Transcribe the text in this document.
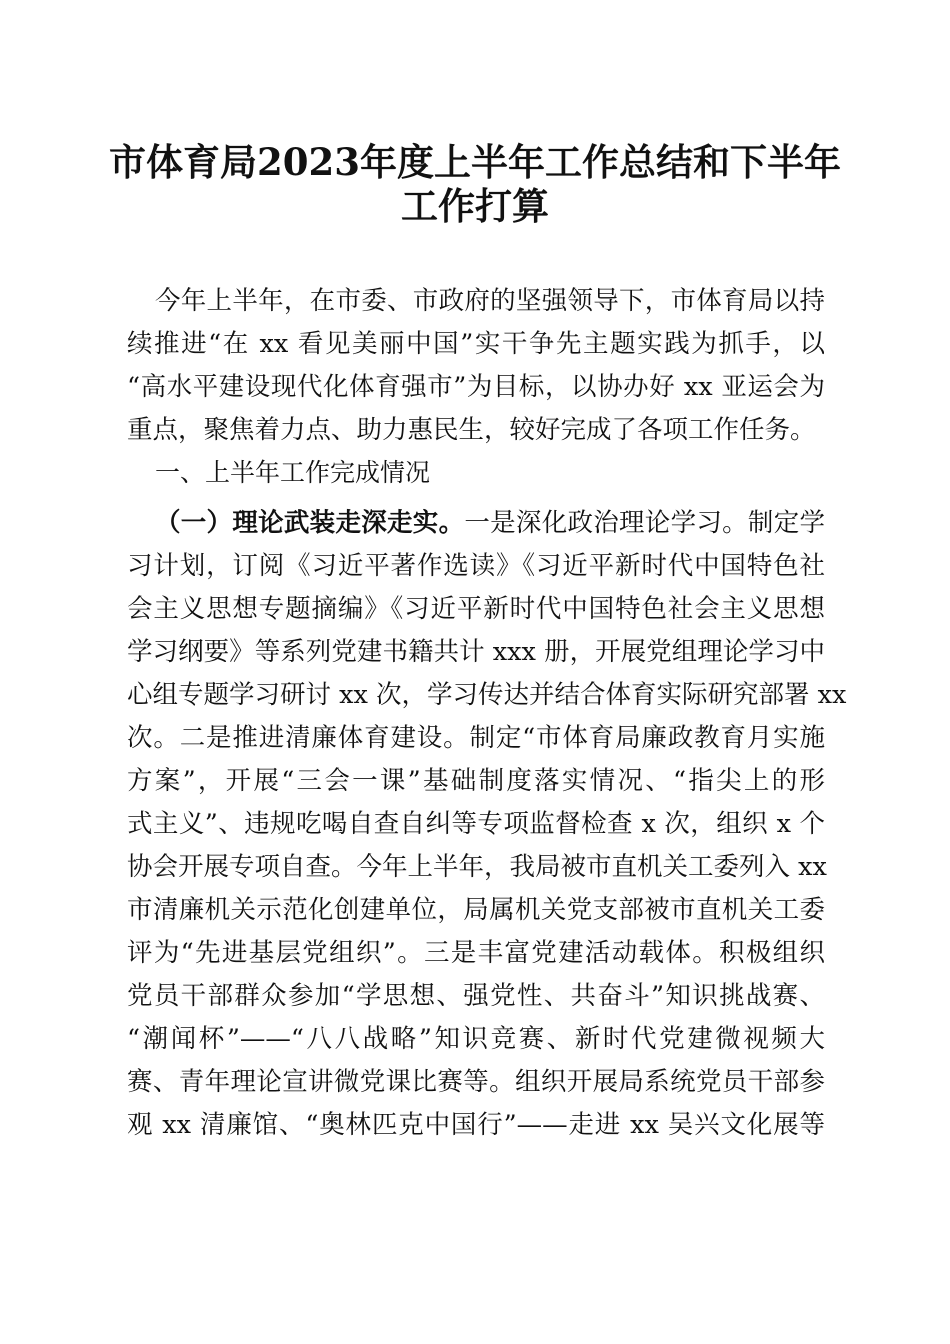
市体育局2023年度上半年工作总结和下半年
工作打算
今年上半年，在市委、市政府的坚强领导下，市体育局以持
续推进“在 xx 看见美丽中国”实干争先主题实践为抓手，以
“高水平建设现代化体育强市”为目标，以协办好 xx 亚运会为
重点，聚焦着力点、助力惠民生，较好完成了各项工作任务。
一、上半年工作完成情况
（一）理论武装走深走实。一是深化政治理论学习。制定学
习计划，订阅《习近平著作选读》《习近平新时代中国特色社
会主义思想专题摘编》《习近平新时代中国特色社会主义思想
学习纲要》等系列党建书籍共计 xxx 册，开展党组理论学习中
心组专题学习研讨 xx 次，学习传达并结合体育实际研究部署 xx
次。二是推进清廉体育建设。制定“市体育局廉政教育月实施
方案”，开展“三会一课”基础制度落实情况、“指尖上的形
式主义”、违规吃喝自查自纠等专项监督检查 x 次，组织 x 个
协会开展专项自查。今年上半年，我局被市直机关工委列入 xx
市清廉机关示范化创建单位，局属机关党支部被市直机关工委
评为“先进基层党组织”。三是丰富党建活动载体。积极组织
党员干部群众参加“学思想、强党性、共奋斗”知识挑战赛、
“潮闻杯”——“八八战略”知识竞赛、新时代党建微视频大
赛、青年理论宣讲微党课比赛等。组织开展局系统党员干部参
观 xx 清廉馆、“奥林匹克中国行”——走进 xx 吴兴文化展等
